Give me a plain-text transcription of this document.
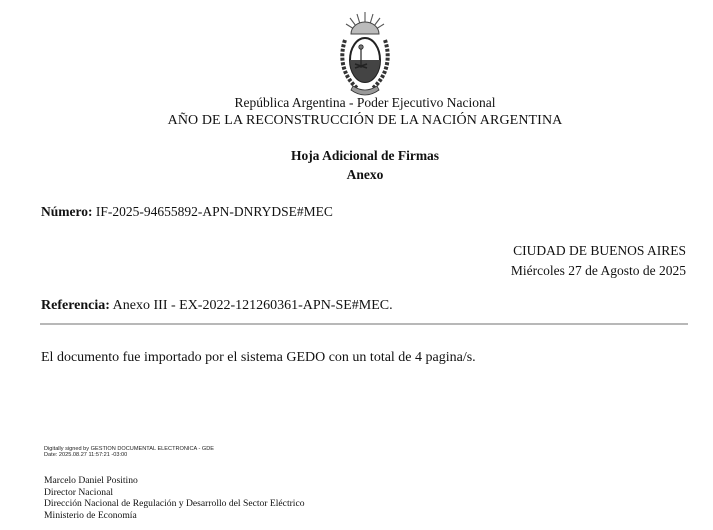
República Argentina - Poder Ejecutivo Nacional
AÑO DE LA RECONSTRUCCIÓN DE LA NACIÓN ARGENTINA
Hoja Adicional de Firmas
Anexo
Número: IF-2025-94655892-APN-DNRYDSE#MEC
CIUDAD DE BUENOS AIRES
Miércoles 27 de Agosto de 2025
Referencia: Anexo III - EX-2022-121260361-APN-SE#MEC.
El documento fue importado por el sistema GEDO con un total de 4 pagina/s.
Digitally signed by GESTION DOCUMENTAL ELECTRONICA - GDE
Date: 2025.08.27 11:57:21 -03:00
Marcelo Daniel Positino
Director Nacional
Dirección Nacional de Regulación y Desarrollo del Sector Eléctrico
Ministerio de Economía
